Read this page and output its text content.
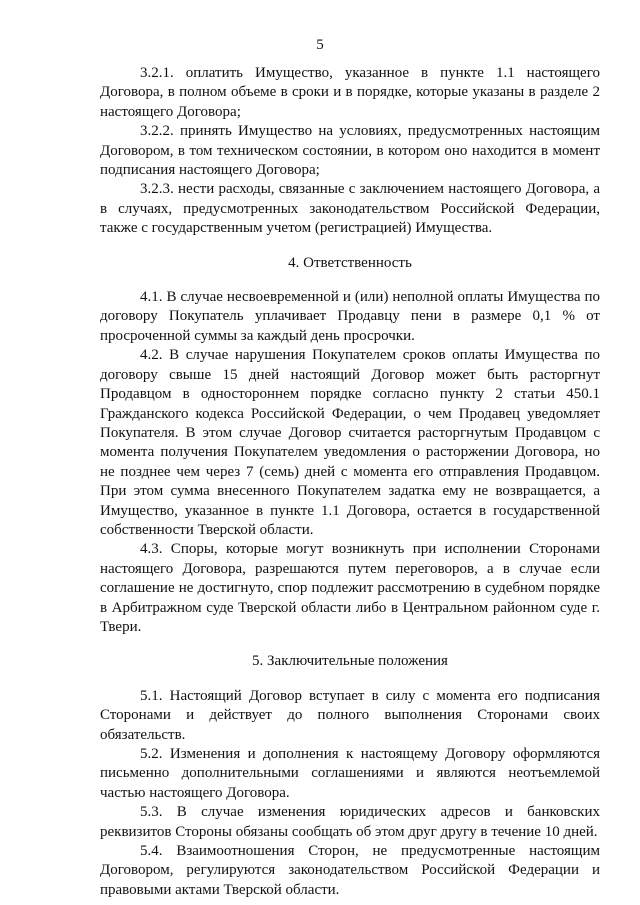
5

3.2.1. оплатить Имущество, указанное в пункте 1.1 настоящего Договора, в полном объеме в сроки и в порядке, которые указаны в разделе 2 настоящего Договора;

3.2.2. принять Имущество на условиях, предусмотренных настоящим Договором, в том техническом состоянии, в котором оно находится в момент подписания настоящего Договора;

3.2.3. нести расходы, связанные с заключением настоящего Договора, а в случаях, предусмотренных законодательством Российской Федерации, также с государственным учетом (регистрацией) Имущества.

4. Ответственность

4.1. В случае несвоевременной и (или) неполной оплаты Имущества по договору Покупатель уплачивает Продавцу пени в размере 0,1 % от просроченной суммы за каждый день просрочки.

4.2. В случае нарушения Покупателем сроков оплаты Имущества по договору свыше 15 дней настоящий Договор может быть расторгнут Продавцом в одностороннем порядке согласно пункту 2 статьи 450.1 Гражданского кодекса Российской Федерации, о чем Продавец уведомляет Покупателя. В этом случае Договор считается расторгнутым Продавцом с момента получения Покупателем уведомления о расторжении Договора, но не позднее чем через 7 (семь) дней с момента его отправления Продавцом. При этом сумма внесенного Покупателем задатка ему не возвращается, а Имущество, указанное в пункте 1.1 Договора, остается в государственной собственности Тверской области.

4.3. Споры, которые могут возникнуть при исполнении Сторонами настоящего Договора, разрешаются путем переговоров, а в случае если соглашение не достигнуто, спор подлежит рассмотрению в судебном порядке в Арбитражном суде Тверской области либо в Центральном районном суде г. Твери.

5. Заключительные положения

5.1. Настоящий Договор вступает в силу с момента его подписания Сторонами и действует до полного выполнения Сторонами своих обязательств.

5.2. Изменения и дополнения к настоящему Договору оформляются письменно дополнительными соглашениями и являются неотъемлемой частью настоящего Договора.

5.3. В случае изменения юридических адресов и банковских реквизитов Стороны обязаны сообщать об этом друг другу в течение 10 дней.

5.4. Взаимоотношения Сторон, не предусмотренные настоящим Договором, регулируются законодательством Российской Федерации и правовыми актами Тверской области.
